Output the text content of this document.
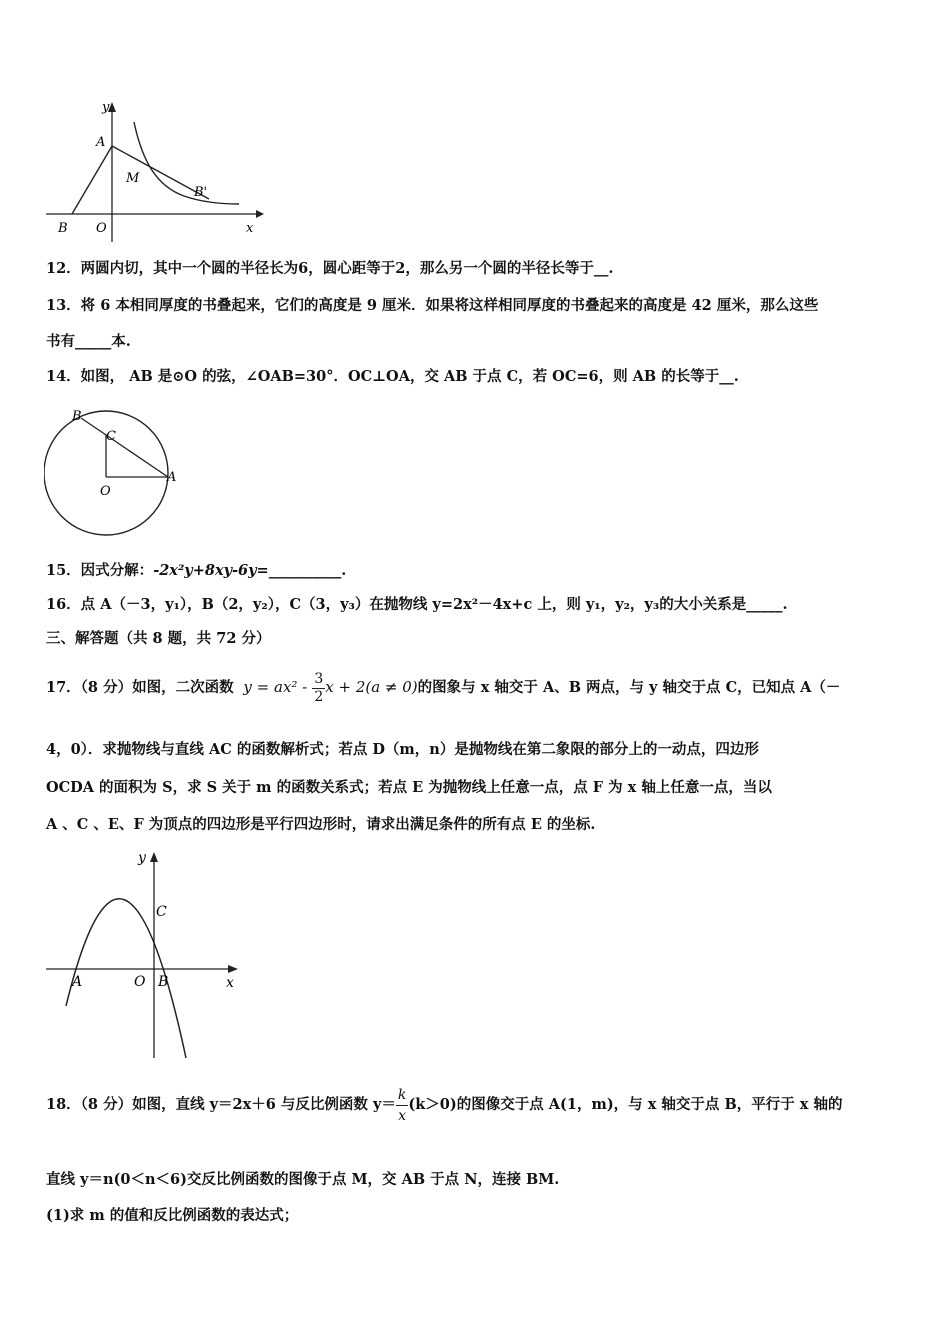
y
A
M
B'
B O	x
12．两圆内切，其中一个圆的半径长为6，圆心距等于2，那么另一个圆的半径长等于__.
13．将 6 本相同厚度的书叠起来，它们的高度是 9 厘米．如果将这样相同厚度的书叠起来的高度是 42 厘米，那么这些
书有_____本.
14．如图， AB 是⊙O 的弦，∠OAB=30°．OC⊥OA，交 AB 于点 C，若 OC=6，则 AB 的长等于__.
B
C
O
A
15．因式分解：-2x²y+8xy-6y=__________.
16．点 A（－3，y₁），B（2，y₂），C（3，y₃）在抛物线 y=2x²－4x+c 上，则 y₁，y₂，y₃的大小关系是_____.
三、解答题（共 8 题，共 72 分）
17．（8 分）如图，二次函数 $y = ax^2 - \frac{3}{2}$ x + 2(a ≠ 0)的图象与 x 轴交于 A、B 两点，与 y 轴交于点 C，已知点 A（－
4，0）．求抛物线与直线 AC 的函数解析式；若点 D（m，n）是抛物线在第二象限的部分上的一动点，四边形
OCDA 的面积为 S，求 S 关于 m 的函数关系式；若点 E 为抛物线上任意一点，点 F 为 x 轴上任意一点，当以
A 、C 、E、F 为顶点的四边形是平行四边形时，请求出满足条件的所有点 E 的坐标.
y
C
A	O B	x
18．（8 分）如图，直线 y＝2x＋6 与反比例函数 $y= \frac{k}{x} (k>0)$的图像交于点 A(1，m)，与 x 轴交于点 B，平行于 x 轴的
直线 y＝n(0＜n＜6)交反比例函数的图像于点 M，交 AB 于点 N，连接 BM.
(1)求 m 的值和反比例函数的表达式；
